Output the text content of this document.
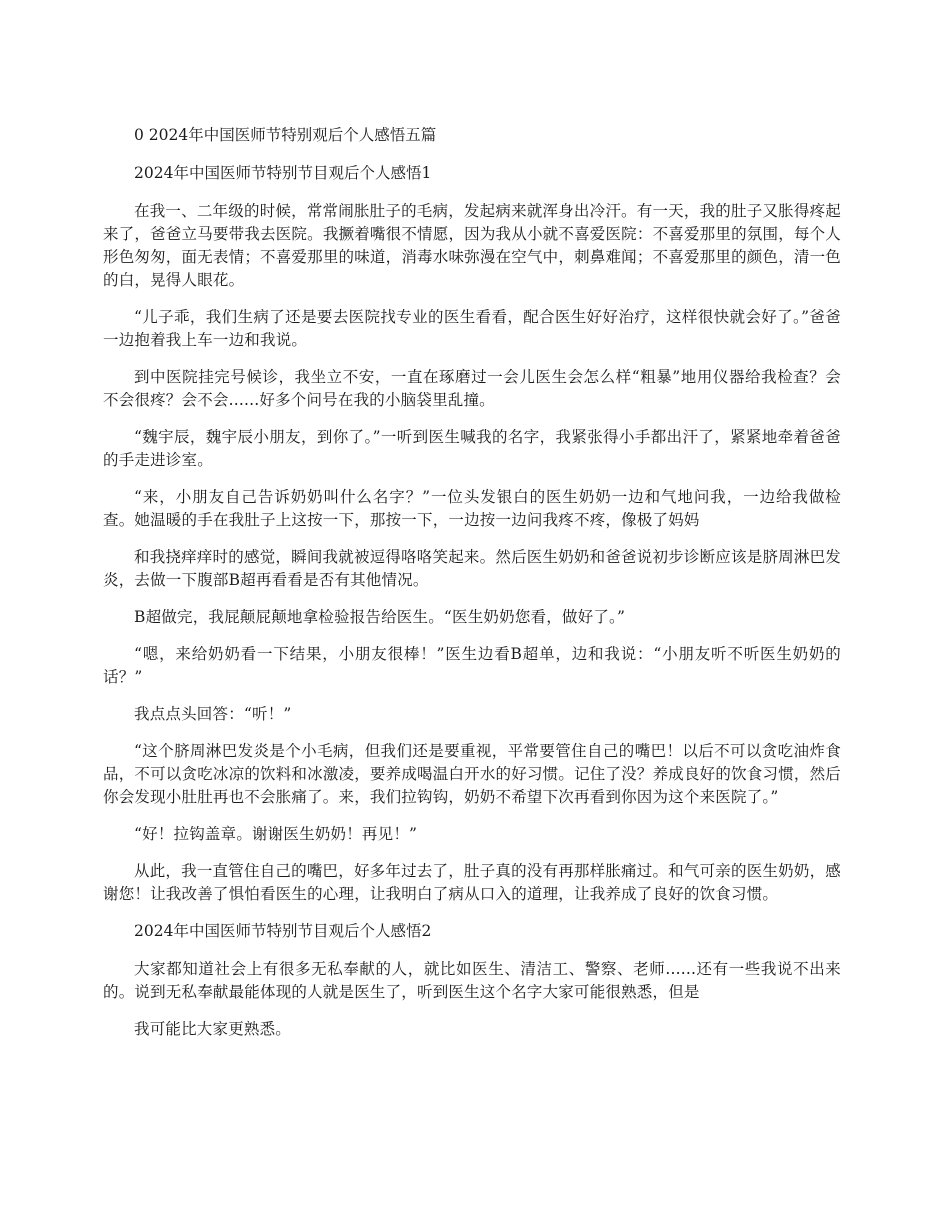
0 2024年中国医师节特别观后个人感悟五篇

2024年中国医师节特别节目观后个人感悟1

在我一、二年级的时候，常常闹胀肚子的毛病，发起病来就浑身出冷汗。有一天，我的肚子又胀得疼起来了，爸爸立马要带我去医院。我撅着嘴很不情愿，因为我从小就不喜爱医院：不喜爱那里的氛围，每个人形色匆匆，面无表情；不喜爱那里的味道，消毒水味弥漫在空气中，刺鼻难闻；不喜爱那里的颜色，清一色的白，晃得人眼花。

“儿子乖，我们生病了还是要去医院找专业的医生看看，配合医生好好治疗，这样很快就会好了。”爸爸一边抱着我上车一边和我说。

到中医院挂完号候诊，我坐立不安，一直在琢磨过一会儿医生会怎么样“粗暴”地用仪器给我检查？会不会很疼？会不会......好多个问号在我的小脑袋里乱撞。

“魏宇辰，魏宇辰小朋友，到你了。”一听到医生喊我的名字，我紧张得小手都出汗了，紧紧地牵着爸爸的手走进诊室。

“来，小朋友自己告诉奶奶叫什么名字？”一位头发银白的医生奶奶一边和气地问我，一边给我做检查。她温暖的手在我肚子上这按一下，那按一下，一边按一边问我疼不疼，像极了妈妈

和我挠痒痒时的感觉，瞬间我就被逗得咯咯笑起来。然后医生奶奶和爸爸说初步诊断应该是脐周淋巴发炎，去做一下腹部B超再看看是否有其他情况。

B超做完，我屁颠屁颠地拿检验报告给医生。“医生奶奶您看，做好了。”

“嗯，来给奶奶看一下结果，小朋友很棒！”医生边看B超单，边和我说：“小朋友听不听医生奶奶的话？”

我点点头回答：“听！”

“这个脐周淋巴发炎是个小毛病，但我们还是要重视，平常要管住自己的嘴巴！以后不可以贪吃油炸食品，不可以贪吃冰凉的饮料和冰激凌，要养成喝温白开水的好习惯。记住了没？养成良好的饮食习惯，然后你会发现小肚肚再也不会胀痛了。来，我们拉钩钩，奶奶不希望下次再看到你因为这个来医院了。”

“好！拉钩盖章。谢谢医生奶奶！再见！”

从此，我一直管住自己的嘴巴，好多年过去了，肚子真的没有再那样胀痛过。和气可亲的医生奶奶，感谢您！让我改善了惧怕看医生的心理，让我明白了病从口入的道理，让我养成了良好的饮食习惯。

2024年中国医师节特别节目观后个人感悟2

大家都知道社会上有很多无私奉献的人，就比如医生、清洁工、警察、老师......还有一些我说不出来的。说到无私奉献最能体现的人就是医生了，听到医生这个名字大家可能很熟悉，但是

我可能比大家更熟悉。
